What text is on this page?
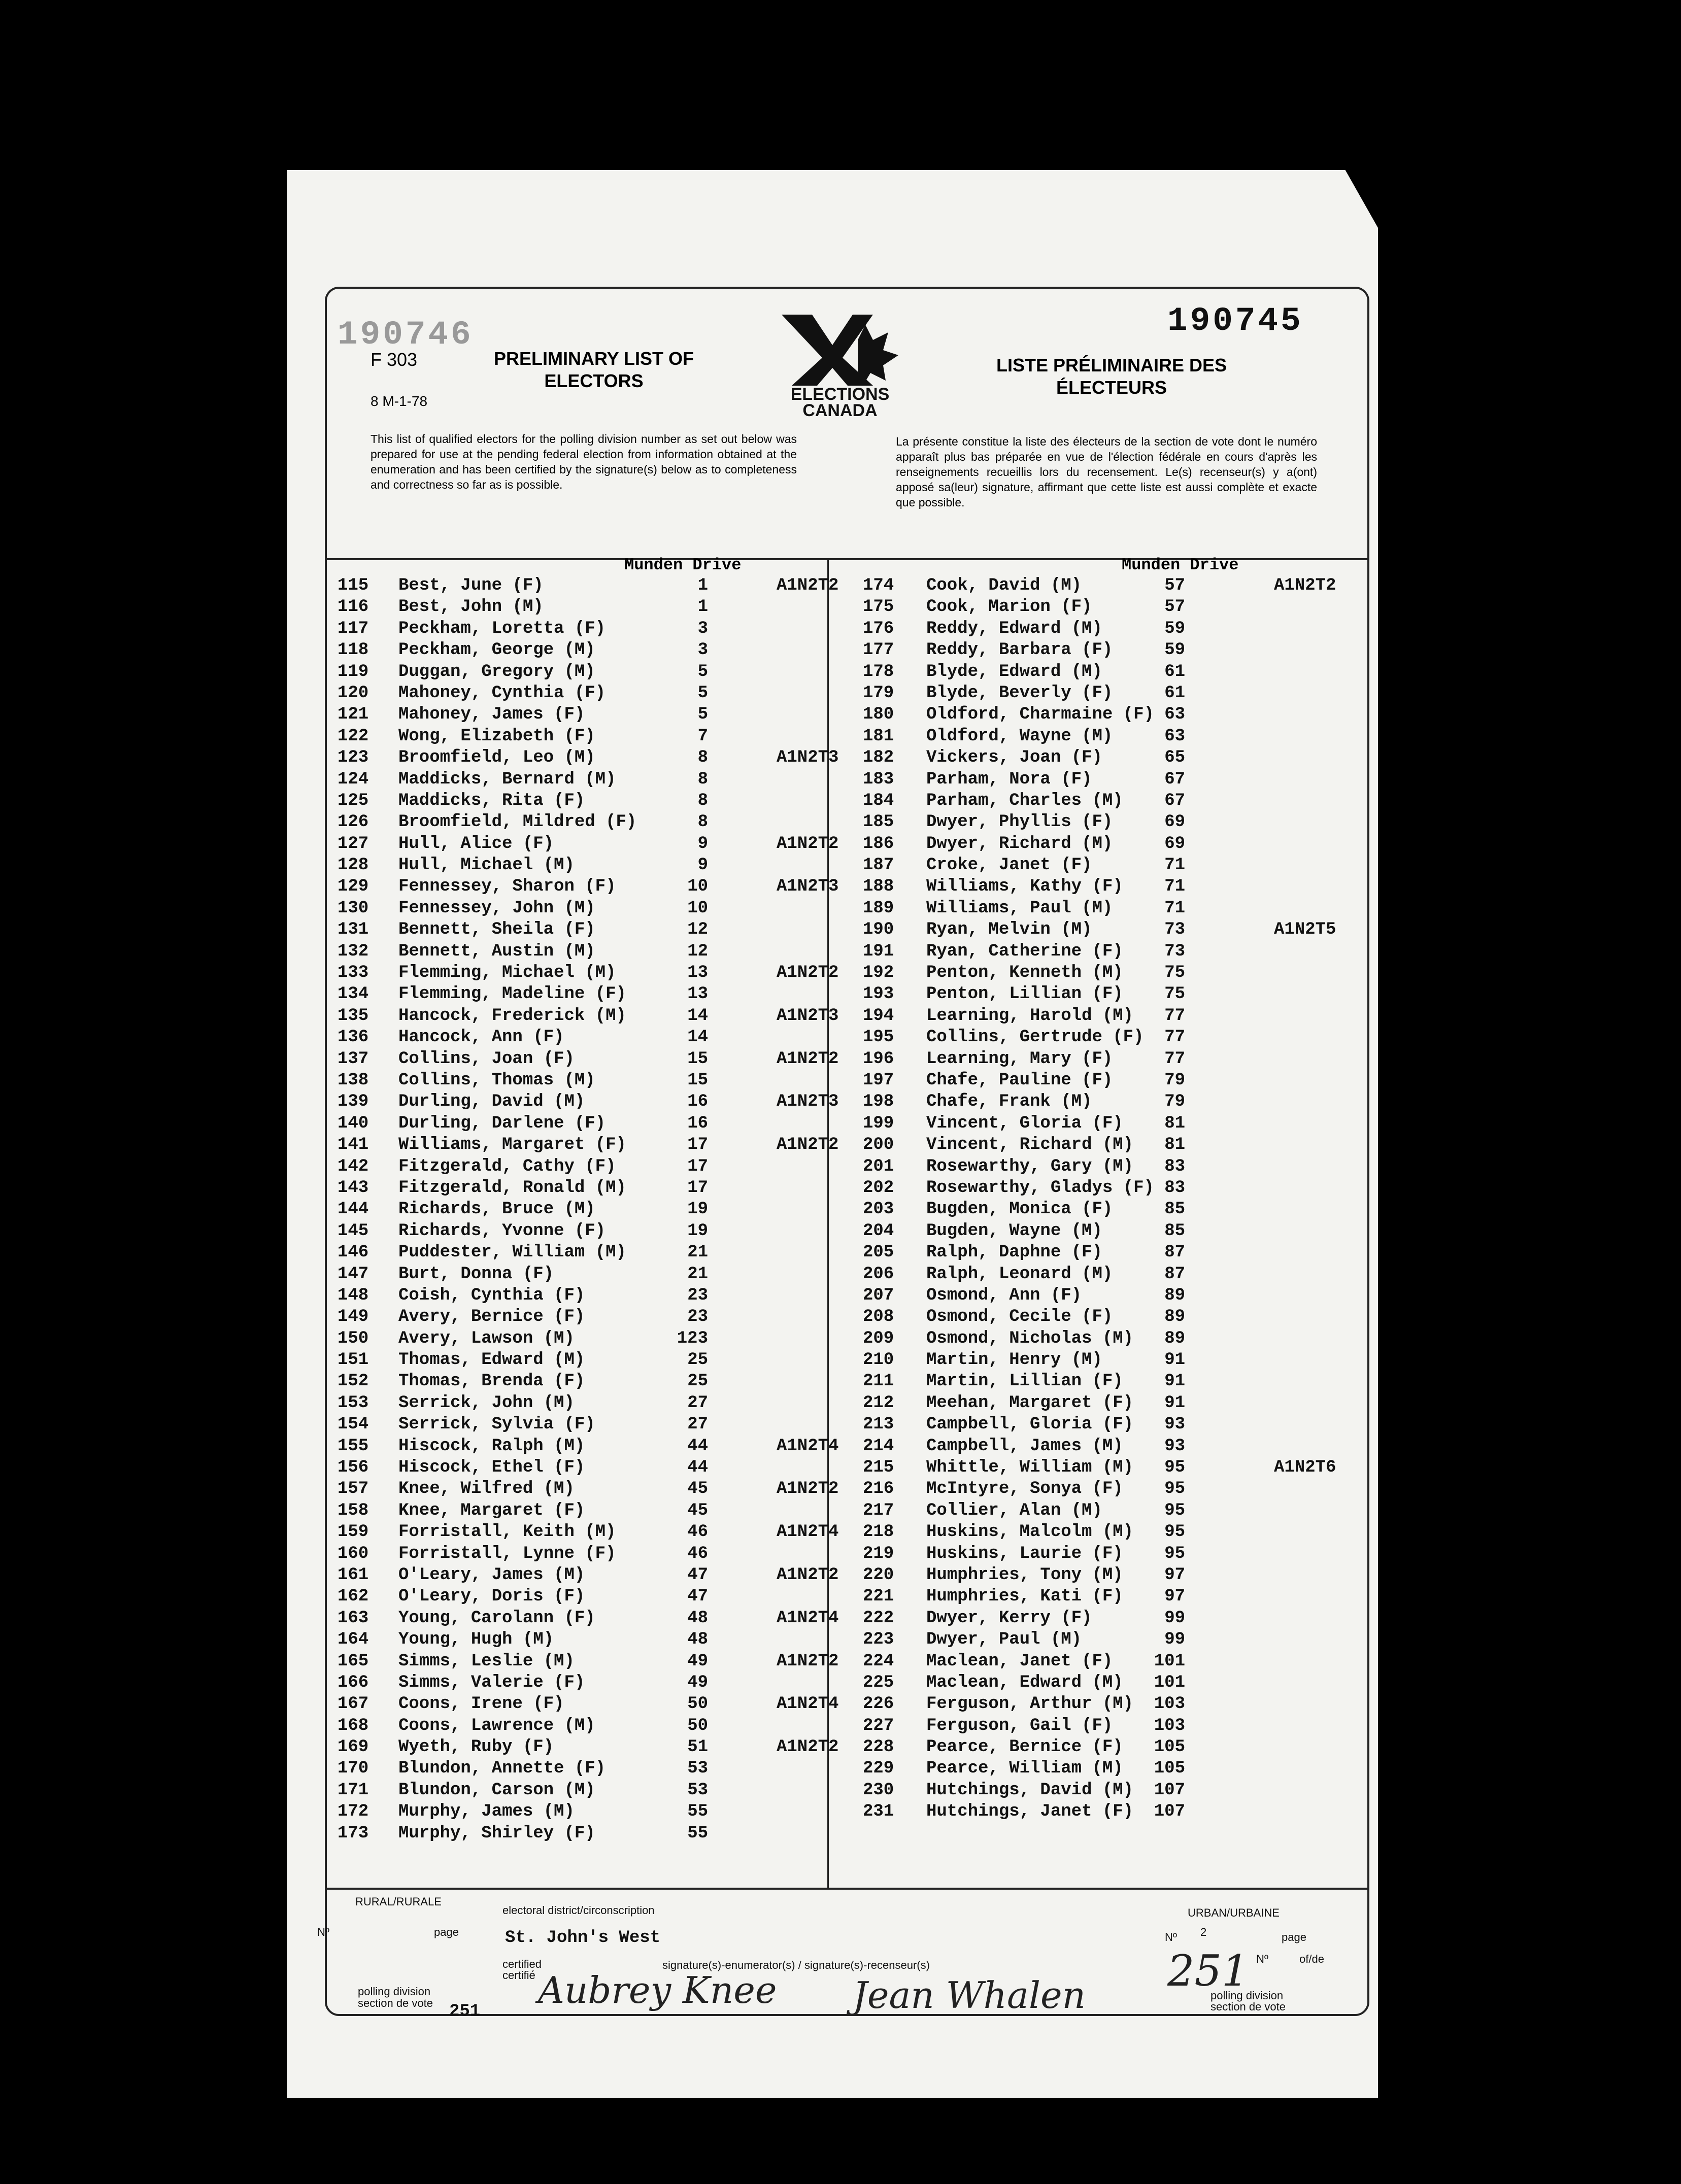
190746	190745
F 303
8 M-1-78
PRELIMINARY LIST OF
ELECTORS
LISTE PRÉLIMINAIRE DES
ÉLECTEURS
ELECTIONS
CANADA
This list of qualified electors for the polling division number as set out below was prepared for use at the pending federal election from information obtained at the enumeration and has been certified by the signature(s) below as to completeness and correctness so far as is possible.
La présente constitue la liste des électeurs de la section de vote dont le numéro apparaît plus bas préparée en vue de l'élection fédérale en cours d'après les renseignements recueillis lors du recensement. Le(s) recenseur(s) y a(ont) apposé sa(leur) signature, affirmant que cette liste est aussi complète et exacte que possible.
Munden Drive	Munden Drive
115 Best, June (F)	1	A1N2T2
116 Best, John (M)	1
117 Peckham, Loretta (F)	3
118 Peckham, George (M)	3
119 Duggan, Gregory (M)	5
120 Mahoney, Cynthia (F)	5
121 Mahoney, James (F)	5
122 Wong, Elizabeth (F)	7
123 Broomfield, Leo (M)	8	A1N2T3
124 Maddicks, Bernard (M)	8
125 Maddicks, Rita (F)	8
126 Broomfield, Mildred (F)	8
127 Hull, Alice (F)	9	A1N2T2
128 Hull, Michael (M)	9
129 Fennessey, Sharon (F)	10	A1N2T3
130 Fennessey, John (M)	10
131 Bennett, Sheila (F)	12
132 Bennett, Austin (M)	12
133 Flemming, Michael (M)	13	A1N2T2
134 Flemming, Madeline (F)	13
135 Hancock, Frederick (M)	14	A1N2T3
136 Hancock, Ann (F)	14
137 Collins, Joan (F)	15	A1N2T2
138 Collins, Thomas (M)	15
139 Durling, David (M)	16	A1N2T3
140 Durling, Darlene (F)	16
141 Williams, Margaret (F)	17	A1N2T2
142 Fitzgerald, Cathy (F)	17
143 Fitzgerald, Ronald (M)	17
144 Richards, Bruce (M)	19
145 Richards, Yvonne (F)	19
146 Puddester, William (M)	21
147 Burt, Donna (F)	21
148 Coish, Cynthia (F)	23
149 Avery, Bernice (F)	23
150 Avery, Lawson (M)	123
151 Thomas, Edward (M)	25
152 Thomas, Brenda (F)	25
153 Serrick, John (M)	27
154 Serrick, Sylvia (F)	27
155 Hiscock, Ralph (M)	44	A1N2T4
156 Hiscock, Ethel (F)	44
157 Knee, Wilfred (M)	45	A1N2T2
158 Knee, Margaret (F)	45
159 Forristall, Keith (M)	46	A1N2T4
160 Forristall, Lynne (F)	46
161 O'Leary, James (M)	47	A1N2T2
162 O'Leary, Doris (F)	47
163 Young, Carolann (F)	48	A1N2T4
164 Young, Hugh (M)	48
165 Simms, Leslie (M)	49	A1N2T2
166 Simms, Valerie (F)	49
167 Coons, Irene (F)	50	A1N2T4
168 Coons, Lawrence (M)	50
169 Wyeth, Ruby (F)	51	A1N2T2
170 Blundon, Annette (F)	53
171 Blundon, Carson (M)	53
172 Murphy, James (M)	55
173 Murphy, Shirley (F)	55
174 Cook, David (M)	57	A1N2T2
175 Cook, Marion (F)	57
176 Reddy, Edward (M)	59
177 Reddy, Barbara (F)	59
178 Blyde, Edward (M)	61
179 Blyde, Beverly (F)	61
180 Oldford, Charmaine (F) 63
181 Oldford, Wayne (M)	63
182 Vickers, Joan (F)	65
183 Parham, Nora (F)	67
184 Parham, Charles (M)	67
185 Dwyer, Phyllis (F)	69
186 Dwyer, Richard (M)	69
187 Croke, Janet (F)	71
188 Williams, Kathy (F)	71
189 Williams, Paul (M)	71
190 Ryan, Melvin (M)	73	A1N2T5
191 Ryan, Catherine (F)	73
192 Penton, Kenneth (M)	75
193 Penton, Lillian (F)	75
194 Learning, Harold (M)	77
195 Collins, Gertrude (F)	77
196 Learning, Mary (F)	77
197 Chafe, Pauline (F)	79
198 Chafe, Frank (M)	79
199 Vincent, Gloria (F)	81
200 Vincent, Richard (M)	81
201 Rosewarthy, Gary (M)	83
202 Rosewarthy, Gladys (F) 83
203 Bugden, Monica (F)	85
204 Bugden, Wayne (M)	85
205 Ralph, Daphne (F)	87
206 Ralph, Leonard (M)	87
207 Osmond, Ann (F)	89
208 Osmond, Cecile (F)	89
209 Osmond, Nicholas (M)	89
210 Martin, Henry (M)	91
211 Martin, Lillian (F)	91
212 Meehan, Margaret (F)	91
213 Campbell, Gloria (F)	93
214 Campbell, James (M)	93
215 Whittle, William (M)	95	A1N2T6
216 McIntyre, Sonya (F)	95
217 Collier, Alan (M)	95
218 Huskins, Malcolm (M)	95
219 Huskins, Laurie (F)	95
220 Humphries, Tony (M)	97
221 Humphries, Kati (F)	97
222 Dwyer, Kerry (F)	99
223 Dwyer, Paul (M)	99
224 Maclean, Janet (F)	101
225 Maclean, Edward (M)	101
226 Ferguson, Arthur (M)	103
227 Ferguson, Gail (F)	103
228 Pearce, Bernice (F)	105
229 Pearce, William (M)	105
230 Hutchings, David (M)	107
231 Hutchings, Janet (F)	107
RURAL/RURALE
Nº	page
electoral district/circonscription
St. John's West
certified
certifié
signature(s)-enumerator(s) / signature(s)-recenseur(s)
polling division
section de vote 251
URBAN/URBAINE
Nº 2	page
Nº	of/de
polling division
section de vote
251
Aubrey Knee Jean Whalen
